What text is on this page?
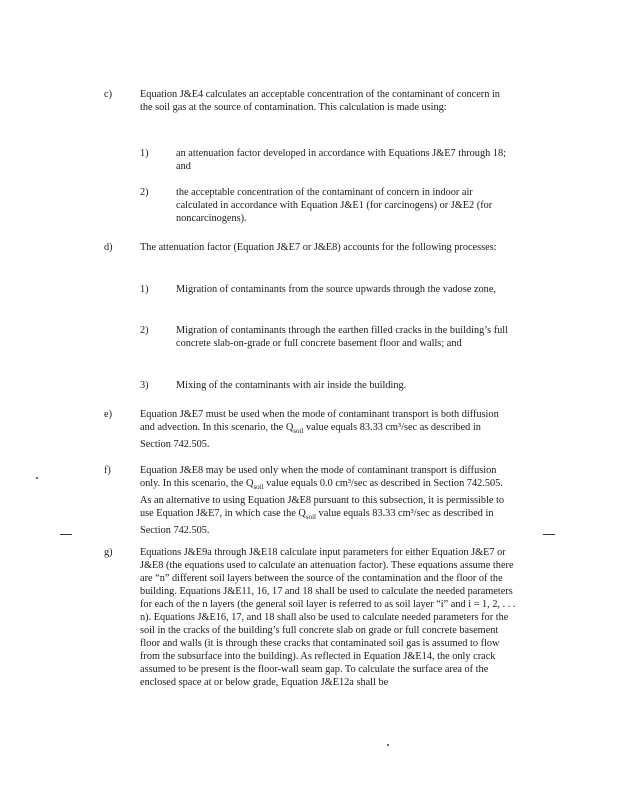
c)	Equation J&E4 calculates an acceptable concentration of the contaminant of concern in the soil gas at the source of contamination. This calculation is made using:
1)	an attenuation factor developed in accordance with Equations J&E7 through 18; and
2)	the acceptable concentration of the contaminant of concern in indoor air calculated in accordance with Equation J&E1 (for carcinogens) or J&E2 (for noncarcinogens).
d)	The attenuation factor (Equation J&E7 or J&E8) accounts for the following processes:
1)	Migration of contaminants from the source upwards through the vadose zone,
2)	Migration of contaminants through the earthen filled cracks in the building’s full concrete slab-on-grade or full concrete basement floor and walls; and
3)	Mixing of the contaminants with air inside the building.
e)	Equation J&E7 must be used when the mode of contaminant transport is both diffusion and advection. In this scenario, the $Q_{soil}$ value equals 83.33 cm³/sec as described in Section 742.505.
f)	Equation J&E8 may be used only when the mode of contaminant transport is diffusion only. In this scenario, the $Q_{soil}$ value equals 0.0 cm³/sec as described in Section 742.505. As an alternative to using Equation J&E8 pursuant to this subsection, it is permissible to use Equation J&E7, in which case the $Q_{soil}$ value equals 83.33 cm³/sec as described in Section 742.505.
g)	Equations J&E9a through J&E18 calculate input parameters for either Equation J&E7 or J&E8 (the equations used to calculate an attenuation factor). These equations assume there are “n” different soil layers between the source of the contamination and the floor of the building. Equations J&E11, 16, 17 and 18 shall be used to calculate the needed parameters for each of the n layers (the general soil layer is referred to as soil layer “i” and i = 1, 2, . . . n). Equations J&E16, 17, and 18 shall also be used to calculate needed parameters for the soil in the cracks of the building’s full concrete slab on grade or full concrete basement floor and walls (it is through these cracks that contaminated soil gas is assumed to flow from the subsurface into the building). As reflected in Equation J&E14, the only crack assumed to be present is the floor-wall seam gap. To calculate the surface area of the enclosed space at or below grade, Equation J&E12a shall be
